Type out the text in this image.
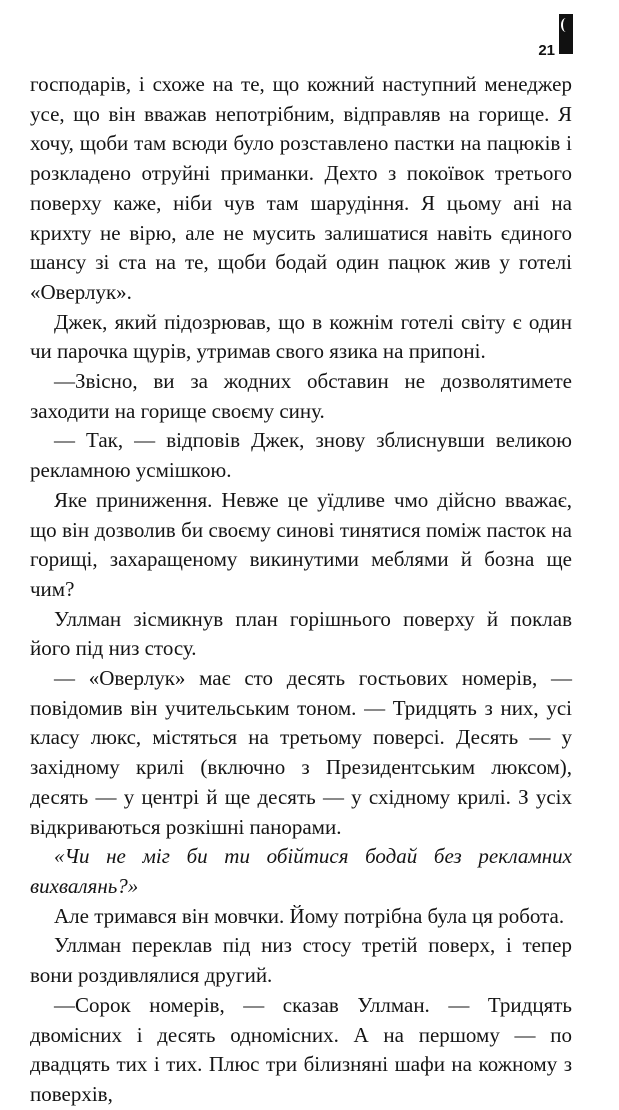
21

господарів, і схоже на те, що кожний наступний менеджер усе, що він вважав непотрібним, відправляв на горище. Я хочу, щоби там всюди було розставлено пастки на пацюків і розкладено отруйні приманки. Дехто з покоївок третього поверху каже, ніби чув там шарудіння. Я цьому ані на крихту не вірю, але не мусить залишатися навіть єдиного шансу зі ста на те, щоби бодай один пацюк жив у готелі «Оверлук».

Джек, який підозрював, що в кожнім готелі світу є один чи парочка щурів, утримав свого язика на припоні.

—Звісно, ви за жодних обставин не дозволятимете заходити на горище своєму сину.

— Так, — відповів Джек, знову зблиснувши великою рекламною усмішкою.

Яке приниження. Невже це уїдливе чмо дійсно вважає, що він дозволив би своєму синові тинятися поміж пасток на горищі, захаращеному викинутими меблями й бозна ще чим?

Уллман зісмикнув план горішнього поверху й поклав його під низ стосу.

— «Оверлук» має сто десять гостьових номерів, — повідомив він учительським тоном. — Тридцять з них, усі класу люкс, містяться на третьому поверсі. Десять — у західному крилі (включно з Президентським люксом), десять — у центрі й ще десять — у східному крилі. З усіх відкриваються розкішні панорами.

«Чи не міг би ти обійтися бодай без рекламних вихвалянь?»

Але тримався він мовчки. Йому потрібна була ця робота.

Уллман переклав під низ стосу третій поверх, і тепер вони роздивлялися другий.

—Сорок номерів, — сказав Уллман. — Тридцять двомісних і десять одномісних. А на першому — по двадцять тих і тих. Плюс три білизняні шафи на кожному з поверхів,
